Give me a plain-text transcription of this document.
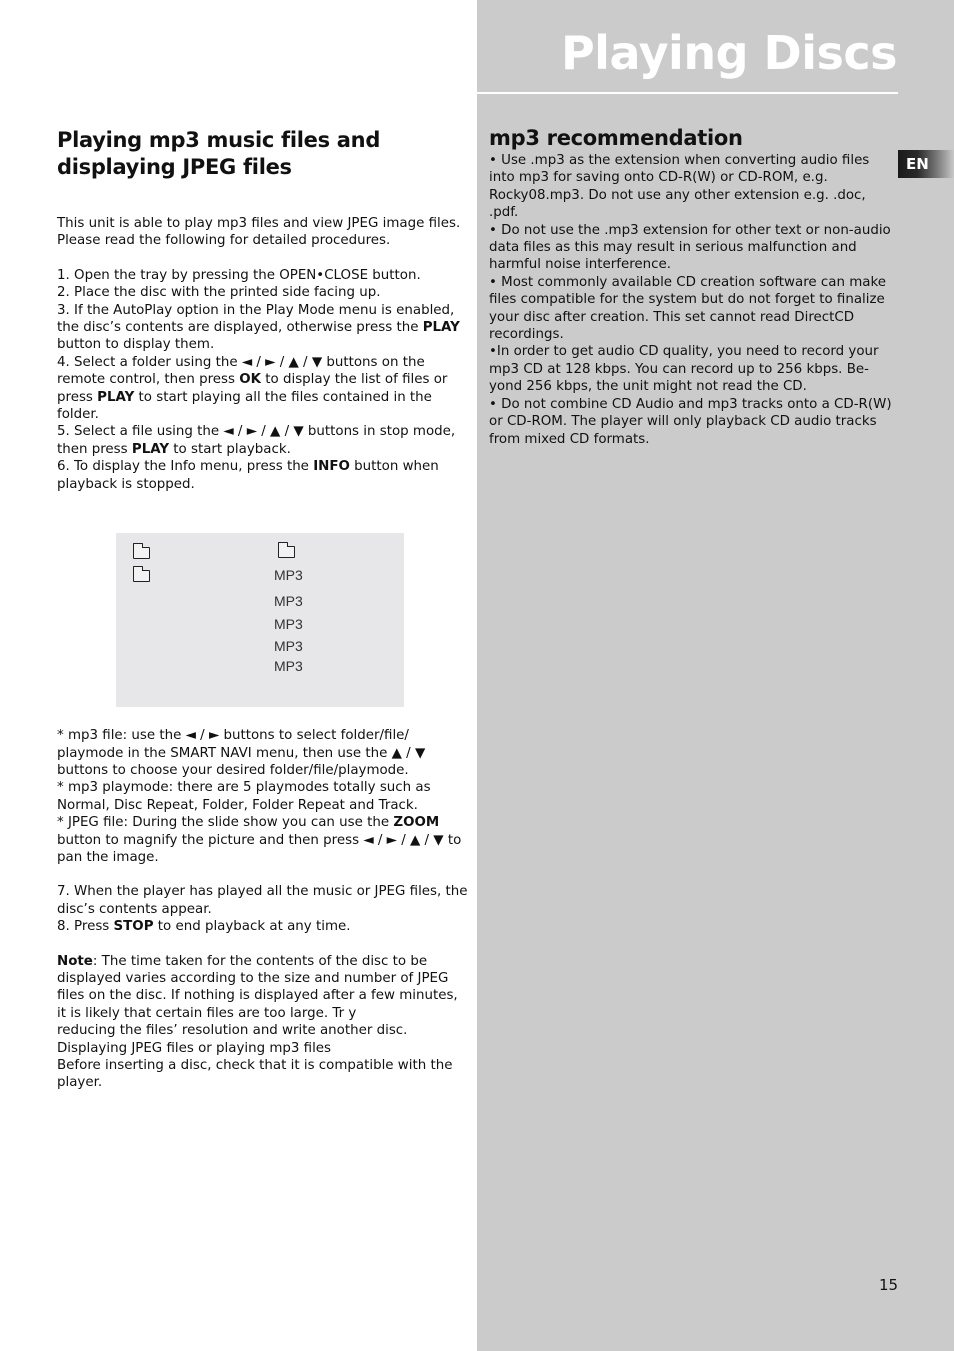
Playing Discs
EN
Playing mp3 music files and displaying JPEG files

This unit is able to play mp3 files and view JPEG image files. Please read the following for detailed procedures.

1. Open the tray by pressing the OPEN•CLOSE button.

2. Place the disc with the printed side facing up.

3. If the AutoPlay option in the Play Mode menu is enabled, the disc’s contents are displayed, otherwise press the PLAY button to display them.

4. Select a folder using the ◄ / ► / ▲ / ▼ buttons on the remote control, then press OK to display the list of files or press PLAY to start playing all the files contained in the folder.

5. Select a file using the ◄ / ► / ▲ / ▼ buttons in stop mode, then press PLAY to start playback.

6. To display the Info menu, press the INFO button when playback is stopped.

MP3
MP3
MP3
MP3
MP3

* mp3 file: use the ◄ / ► buttons to select folder/file/ playmode in the SMART NAVI menu, then use the ▲ / ▼ buttons to choose your desired folder/file/playmode.

* mp3 playmode: there are 5 playmodes totally such as Normal, Disc Repeat, Folder, Folder Repeat and Track.

* JPEG file: During the slide show you can use the ZOOM button to magnify the picture and then press ◄ / ► / ▲ / ▼ to pan the image.

7. When the player has played all the music or JPEG files, the disc’s contents appear.

8. Press STOP to end playback at any time.

Note: The time taken for the contents of the disc to be displayed varies according to the size and number of JPEG files on the disc. If nothing is displayed after a few minutes, it is likely that certain files are too large. Tr y

reducing the files’ resolution and write another disc.

Displaying JPEG files or playing mp3 files

Before inserting a disc, check that it is compatible with the player.

mp3 recommendation

• Use .mp3 as the extension when converting audio files into mp3 for saving onto CD-R(W) or CD-ROM, e.g. Rocky08.mp3. Do not use any other extension e.g. .doc, .pdf.

• Do not use the .mp3 extension for other text or non-audio data files as this may result in serious malfunction and harmful noise interference.

• Most commonly available CD creation software can make files compatible for the system but do not forget to finalize your disc after creation. This set cannot read DirectCD recordings.

•In order to get audio CD quality, you need to record your mp3 CD at 128 kbps. You can record up to 256 kbps. Be- yond 256 kbps, the unit might not read the CD.

• Do not combine CD Audio and mp3 tracks onto a CD-R(W) or CD-ROM. The player will only playback CD audio tracks from mixed CD formats.

15
